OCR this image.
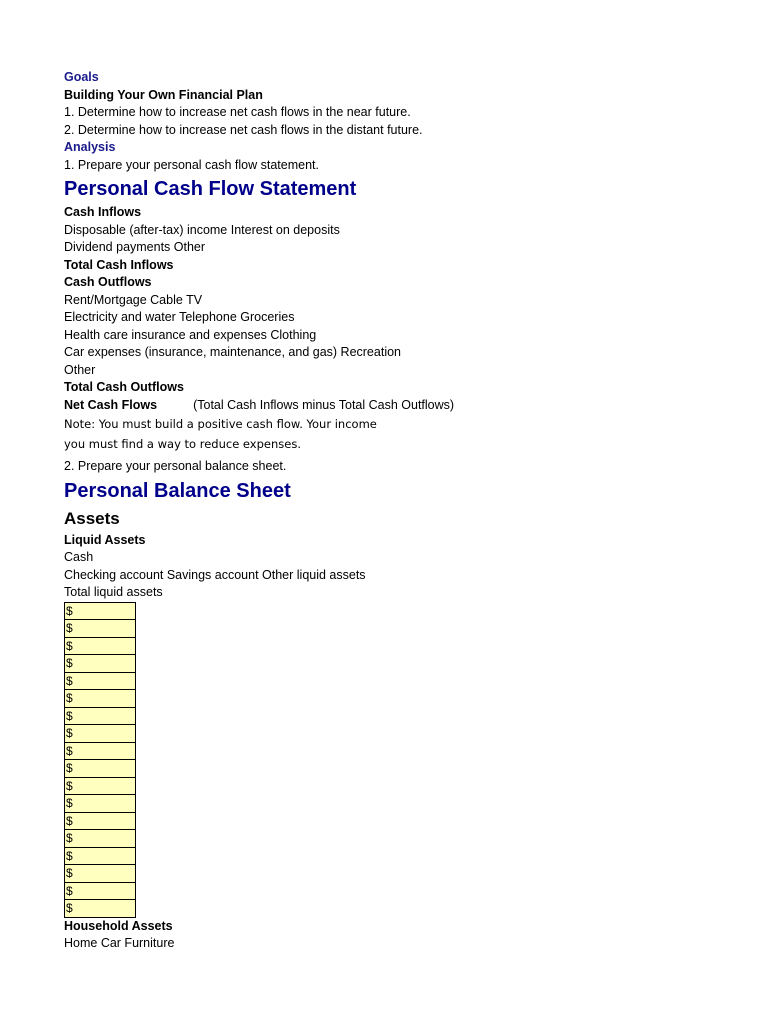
Goals
Building Your Own Financial Plan
1. Determine how to increase net cash flows in the near future.
2. Determine how to increase net cash flows in the distant future.
Analysis
1. Prepare your personal cash flow statement.
Personal Cash Flow Statement
Cash Inflows
Disposable (after-tax) income Interest on deposits
Dividend payments Other
Total Cash Inflows
Cash Outflows
Rent/Mortgage Cable TV
Electricity and water Telephone Groceries
Health care insurance and expenses Clothing
Car expenses (insurance, maintenance, and gas) Recreation
Other
Total Cash Outflows
Net Cash Flows	(Total Cash Inflows minus Total Cash Outflows)
Note: You must build a positive cash flow. Your income
you must find a way to reduce expenses.
2. Prepare your personal balance sheet.
Personal Balance Sheet
Assets
Liquid Assets
Cash
Checking account Savings account Other liquid assets
Total liquid assets
$
$
$
$
$
$
$
$
$
$
$
$
$
$
$
$
$
$
Household Assets
Home Car Furniture
